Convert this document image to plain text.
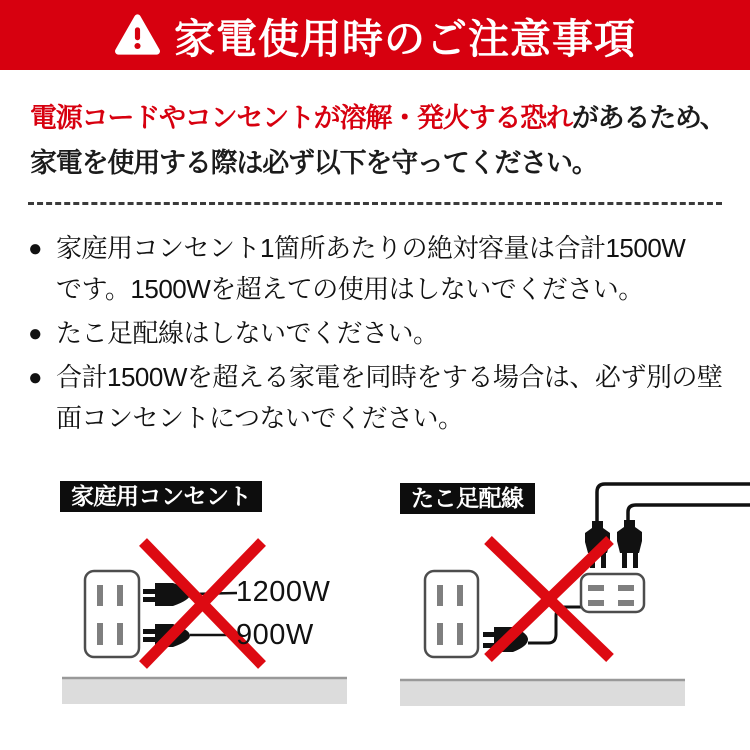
家電使用時のご注意事項
電源コードやコンセントが溶解・発火する恐れがあるため、
家電を使用する際は必ず以下を守ってください。
● 家庭用コンセント1箇所あたりの絶対容量は合計1500W
です。1500Wを超えての使用はしないでください。
● たこ足配線はしないでください。
● 合計1500Wを超える家電を同時をする場合は、必ず別の壁
面コンセントにつないでください。
家庭用コンセント	たこ足配線
1200W
900W
